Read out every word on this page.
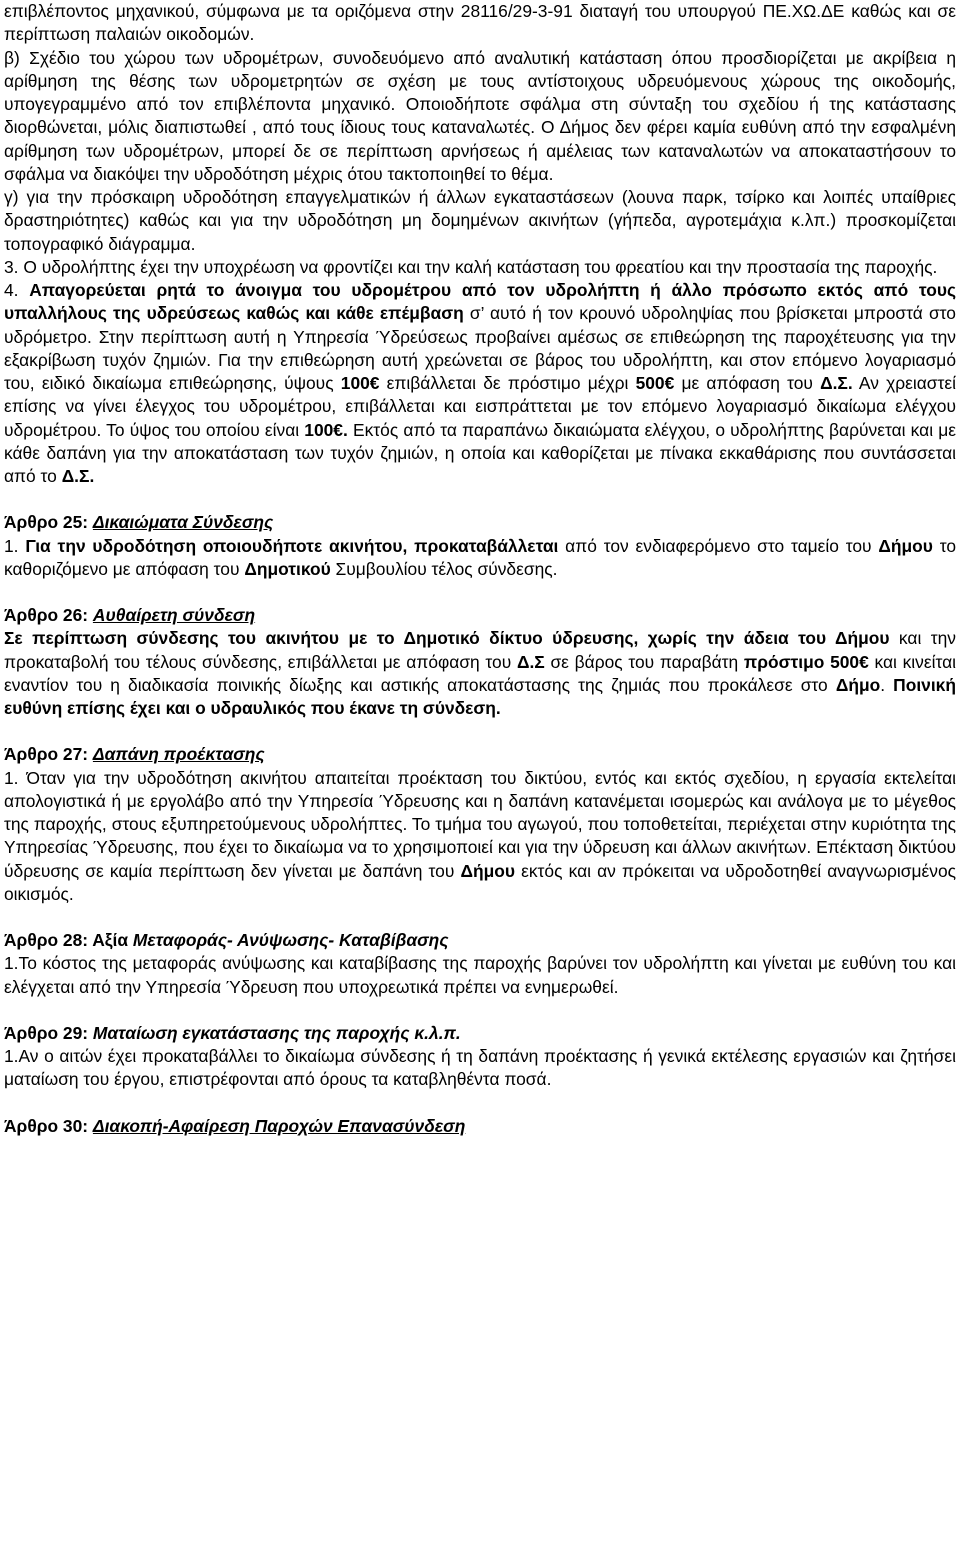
επιβλέποντος μηχανικού, σύμφωνα με τα οριζόμενα στην 28116/29-3-91 διαταγή του υπουργού ΠΕ.ΧΩ.ΔΕ καθώς και σε περίπτωση παλαιών οικοδομών.

β) Σχέδιο του χώρου των υδρομέτρων, συνοδευόμενο από αναλυτική κατάσταση όπου προσδιορίζεται με ακρίβεια η αρίθμηση της θέσης των υδρομετρητών σε σχέση με τους αντίστοιχους υδρευόμενους χώρους της οικοδομής, υπογεγραμμένο από τον επιβλέποντα μηχανικό. Οποιοδήποτε σφάλμα στη σύνταξη του σχεδίου ή της κατάστασης διορθώνεται, μόλις διαπιστωθεί , από τους ίδιους τους καταναλωτές. Ο Δήμος δεν φέρει καμία ευθύνη από την εσφαλμένη αρίθμηση των υδρομέτρων, μπορεί δε σε περίπτωση αρνήσεως ή αμέλειας των καταναλωτών να αποκαταστήσουν το σφάλμα να διακόψει την υδροδότηση μέχρις ότου τακτοποιηθεί το θέμα.

γ) για την πρόσκαιρη υδροδότηση επαγγελματικών ή άλλων εγκαταστάσεων (λουνα παρκ, τσίρκο και λοιπές υπαίθριες δραστηριότητες) καθώς και για την υδροδότηση μη δομημένων ακινήτων (γήπεδα, αγροτεμάχια κ.λπ.) προσκομίζεται τοπογραφικό διάγραμμα.

3. Ο υδρολήπτης έχει την υποχρέωση να φροντίζει και την καλή κατάσταση του φρεατίου και την προστασία της παροχής.

4. Απαγορεύεται ρητά το άνοιγμα του υδρομέτρου από τον υδρολήπτη ή άλλο πρόσωπο εκτός από τους υπαλλήλους της υδρεύσεως καθώς και κάθε επέμβαση σ’ αυτό ή τον κρουνό υδροληψίας που βρίσκεται μπροστά στο υδρόμετρο. Στην περίπτωση αυτή η Υπηρεσία Ύδρεύσεως προβαίνει αμέσως σε επιθεώρηση της παροχέτευσης για την εξακρίβωση τυχόν ζημιών. Για την επιθεώρηση αυτή χρεώνεται σε βάρος του υδρολήπτη, και στον επόμενο λογαριασμό του, ειδικό δικαίωμα επιθεώρησης, ύψους 100€ επιβάλλεται δε πρόστιμο μέχρι 500€ με απόφαση του Δ.Σ. Αν χρειαστεί επίσης να γίνει έλεγχος του υδρομέτρου, επιβάλλεται και εισπράττεται με τον επόμενο λογαριασμό δικαίωμα ελέγχου υδρομέτρου. Το ύψος του οποίου είναι 100€. Εκτός από τα παραπάνω δικαιώματα ελέγχου, ο υδρολήπτης βαρύνεται και με κάθε δαπάνη για την αποκατάσταση των τυχόν ζημιών, η οποία και καθορίζεται με πίνακα εκκαθάρισης που συντάσσεται από το Δ.Σ.

Άρθρο 25: Δικαιώματα Σύνδεσης

1. Για την υδροδότηση οποιουδήποτε ακινήτου, προκαταβάλλεται από τον ενδιαφερόμενο στο ταμείο του Δήμου το καθοριζόμενο με απόφαση του Δημοτικού Συμβουλίου τέλος σύνδεσης.

Άρθρο 26: Αυθαίρετη σύνδεση

Σε περίπτωση σύνδεσης του ακινήτου με το Δημοτικό δίκτυο ύδρευσης, χωρίς την άδεια του Δήμου και την προκαταβολή του τέλους σύνδεσης, επιβάλλεται με απόφαση του Δ.Σ σε βάρος του παραβάτη πρόστιμο 500€ και κινείται εναντίον του η διαδικασία ποινικής δίωξης και αστικής αποκατάστασης της ζημιάς που προκάλεσε στο Δήμο. Ποινική ευθύνη επίσης έχει και ο υδραυλικός που έκανε τη σύνδεση.

Άρθρο 27: Δαπάνη προέκτασης

1. Όταν για την υδροδότηση ακινήτου απαιτείται προέκταση του δικτύου, εντός και εκτός σχεδίου, η εργασία εκτελείται απολογιστικά ή με εργολάβο από την Υπηρεσία Ύδρευσης και η δαπάνη κατανέμεται ισομερώς και ανάλογα με το μέγεθος της παροχής, στους εξυπηρετούμενους υδρολήπτες. Το τμήμα του αγωγού, που τοποθετείται, περιέχεται στην κυριότητα της Υπηρεσίας Ύδρευσης, που έχει το δικαίωμα να το χρησιμοποιεί και για την ύδρευση και άλλων ακινήτων. Επέκταση δικτύου ύδρευσης σε καμία περίπτωση δεν γίνεται με δαπάνη του Δήμου εκτός και αν πρόκειται να υδροδοτηθεί αναγνωρισμένος οικισμός.

Άρθρο 28: Αξία Μεταφοράς- Ανύψωσης- Καταβίβασης

1.Το κόστος της μεταφοράς ανύψωσης και καταβίβασης της παροχής βαρύνει τον υδρολήπτη και γίνεται με ευθύνη του και ελέγχεται από την Υπηρεσία Ύδρευση που υποχρεωτικά πρέπει να ενημερωθεί.

Άρθρο 29: Ματαίωση εγκατάστασης της παροχής κ.λ.π.

1.Αν ο αιτών έχει προκαταβάλλει το δικαίωμα σύνδεσης ή τη δαπάνη προέκτασης ή γενικά εκτέλεσης εργασιών και ζητήσει ματαίωση του έργου, επιστρέφονται από όρους τα καταβληθέντα ποσά.

Άρθρο 30: Διακοπή-Αφαίρεση Παροχών Επανασύνδεση
